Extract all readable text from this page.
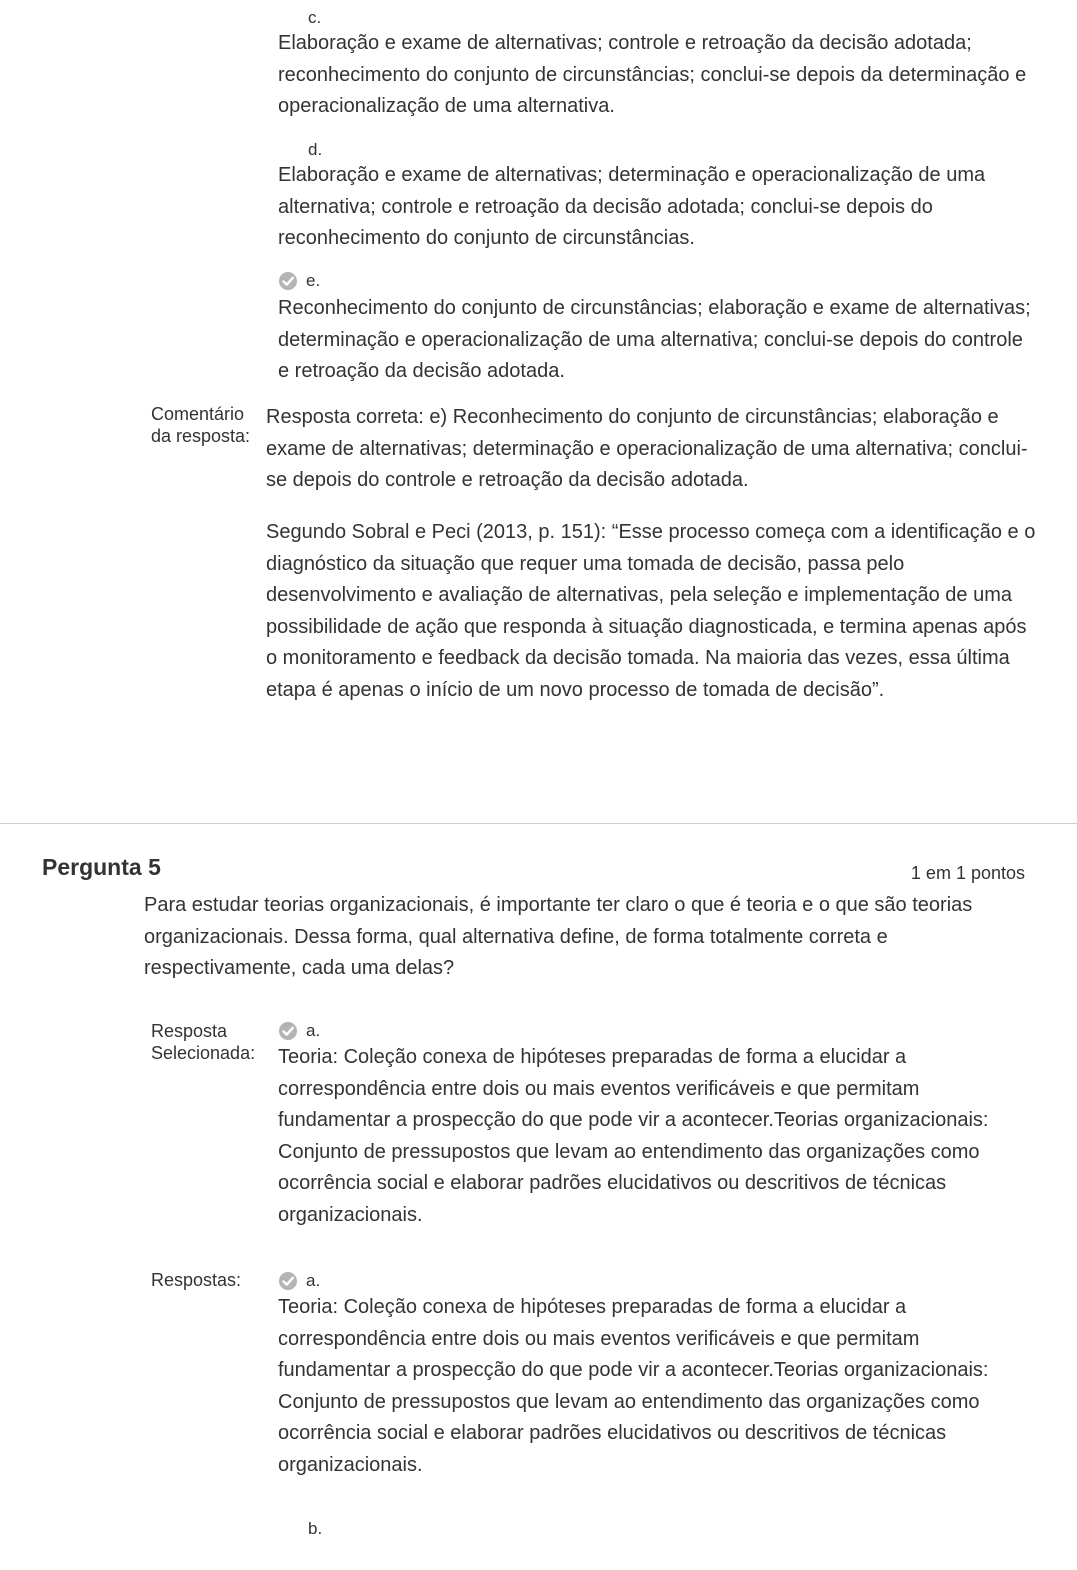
c.
Elaboração e exame de alternativas; controle e retroação da decisão adotada; reconhecimento do conjunto de circunstâncias; conclui-se depois da determinação e operacionalização de uma alternativa.
d.
Elaboração e exame de alternativas; determinação e operacionalização de uma alternativa; controle e retroação da decisão adotada; conclui-se depois do reconhecimento do conjunto de circunstâncias.
e.
Reconhecimento do conjunto de circunstâncias; elaboração e exame de alternativas; determinação e operacionalização de uma alternativa; conclui-se depois do controle e retroação da decisão adotada.
Comentário da resposta:
Resposta correta: e) Reconhecimento do conjunto de circunstâncias; elaboração e exame de alternativas; determinação e operacionalização de uma alternativa; conclui-se depois do controle e retroação da decisão adotada.
Segundo Sobral e Peci (2013, p. 151): “Esse processo começa com a identificação e o diagnóstico da situação que requer uma tomada de decisão, passa pelo desenvolvimento e avaliação de alternativas, pela seleção e implementação de uma possibilidade de ação que responda à situação diagnosticada, e termina apenas após o monitoramento e feedback da decisão tomada. Na maioria das vezes, essa última etapa é apenas o início de um novo processo de tomada de decisão”.
Pergunta 5	1 em 1 pontos
Para estudar teorias organizacionais, é importante ter claro o que é teoria e o que são teorias organizacionais. Dessa forma, qual alternativa define, de forma totalmente correta e respectivamente, cada uma delas?
Resposta Selecionada:
a.
Teoria: Coleção conexa de hipóteses preparadas de forma a elucidar a correspondência entre dois ou mais eventos verificáveis e que permitam fundamentar a prospecção do que pode vir a acontecer.Teorias organizacionais: Conjunto de pressupostos que levam ao entendimento das organizações como ocorrência social e elaborar padrões elucidativos ou descritivos de técnicas organizacionais.
Respostas:	a.
Teoria: Coleção conexa de hipóteses preparadas de forma a elucidar a correspondência entre dois ou mais eventos verificáveis e que permitam fundamentar a prospecção do que pode vir a acontecer.Teorias organizacionais: Conjunto de pressupostos que levam ao entendimento das organizações como ocorrência social e elaborar padrões elucidativos ou descritivos de técnicas organizacionais.
b.
